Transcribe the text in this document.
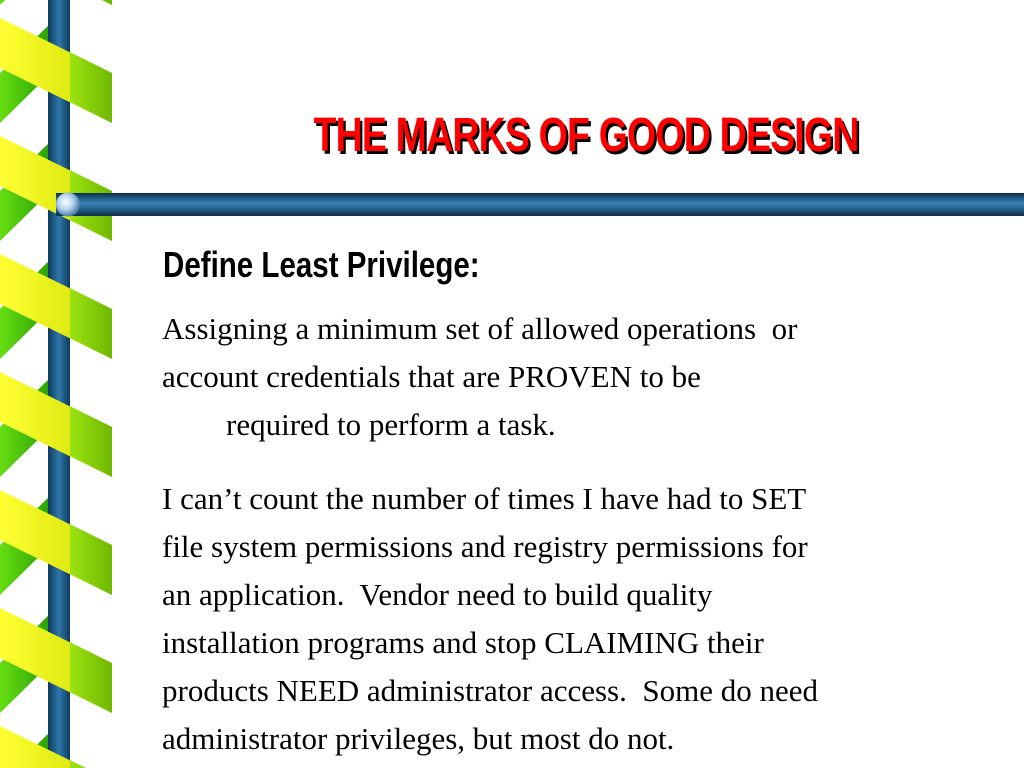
THE MARKS OF GOOD DESIGN
Define Least Privilege:
Assigning a minimum set of allowed operations  or
account credentials that are PROVEN to be
required to perform a task.
I can’t count the number of times I have had to SET
file system permissions and registry permissions for
an application.  Vendor need to build quality
installation programs and stop CLAIMING their
products NEED administrator access.  Some do need
administrator privileges, but most do not.
